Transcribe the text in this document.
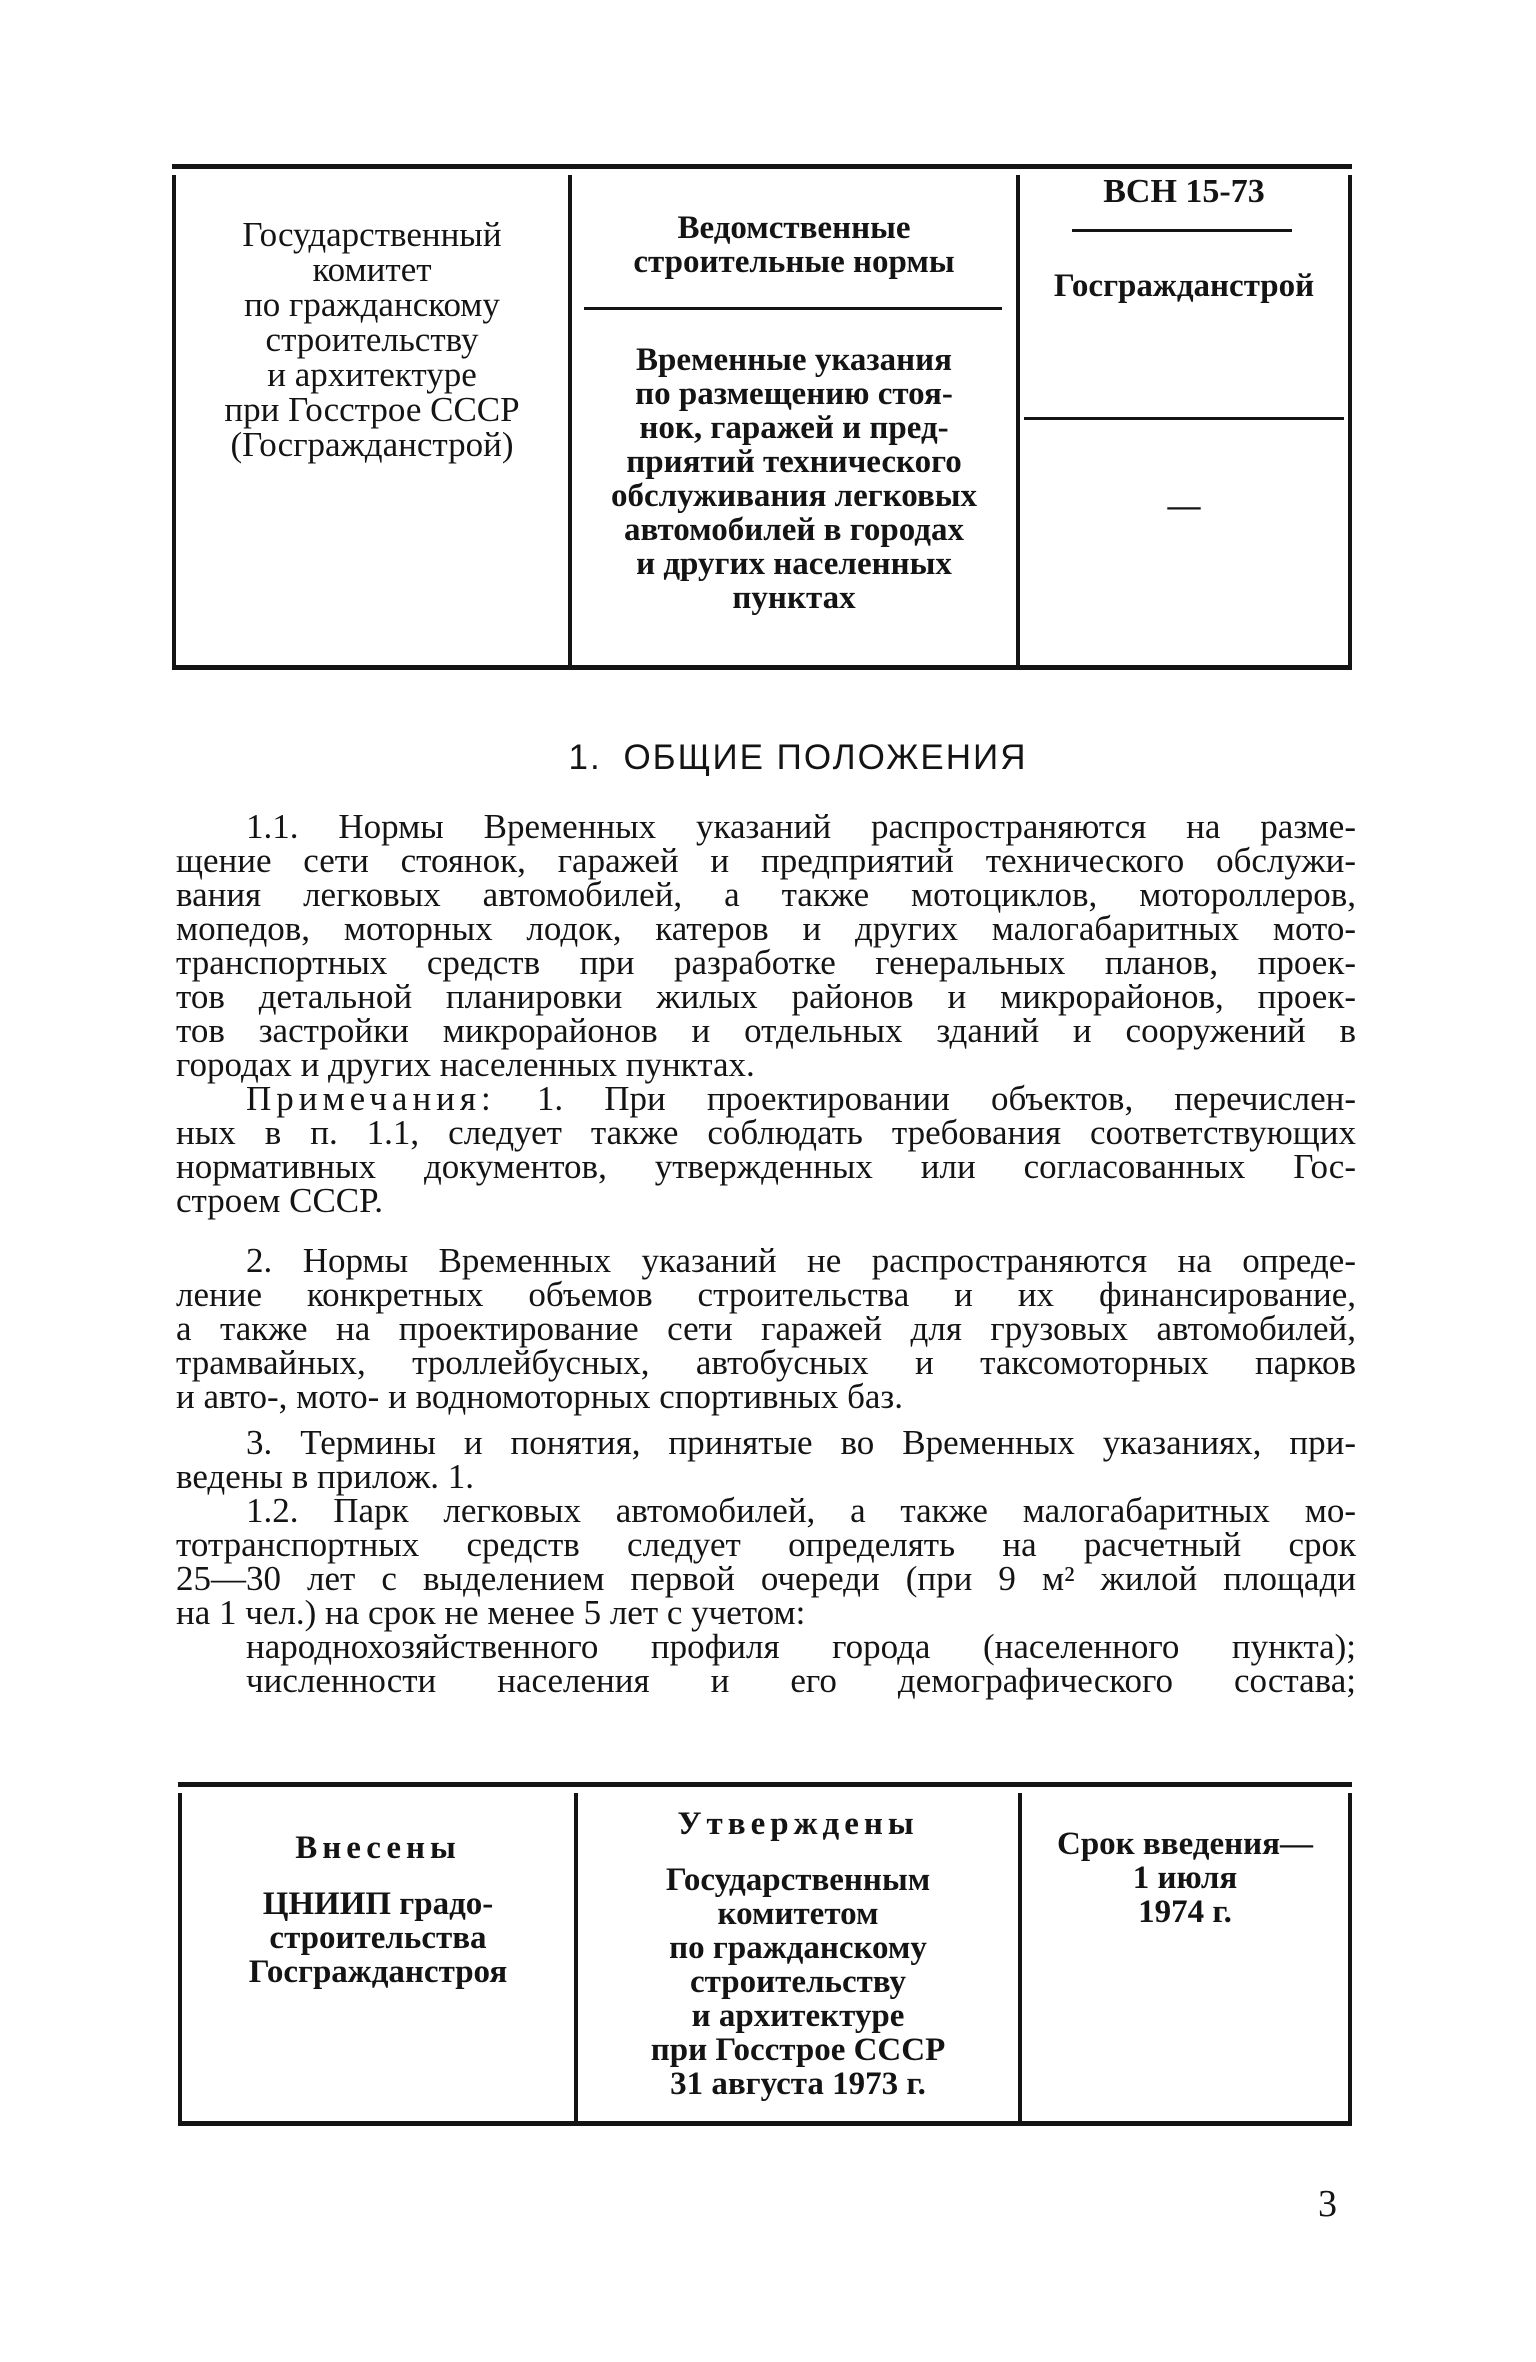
Государственный
комитет
по гражданскому
строительству
и архитектуре
при Госстрое СССР
(Госгражданстрой)
Ведомственные
строительные нормы
Временные указания
по размещению стоя-
нок, гаражей и пред-
приятий технического
обслуживания легковых
автомобилей в городах
и других населенных
пунктах
ВСН 15-73
Госгражданстрой
—
1. ОБЩИЕ ПОЛОЖЕНИЯ
1.1. Нормы Временных указаний распространяются на разме-
щение сети стоянок, гаражей и предприятий технического обслужи-
вания легковых автомобилей, а также мотоциклов, мотороллеров,
мопедов, моторных лодок, катеров и других малогабаритных мото-
транспортных средств при разработке генеральных планов, проек-
тов детальной планировки жилых районов и микрорайонов, проек-
тов застройки микрорайонов и отдельных зданий и сооружений в
городах и других населенных пунктах.
Примечания: 1. При проектировании объектов, перечислен-
ных в п. 1.1, следует также соблюдать требования соответствующих
нормативных документов, утвержденных или согласованных Гос-
строем СССР.
2. Нормы Временных указаний не распространяются на опреде-
ление конкретных объемов строительства и их финансирование,
а также на проектирование сети гаражей для грузовых автомобилей,
трамвайных, троллейбусных, автобусных и таксомоторных парков
и авто-, мото- и водномоторных спортивных баз.
3. Термины и понятия, принятые во Временных указаниях, при-
ведены в прилож. 1.
1.2. Парк легковых автомобилей, а также малогабаритных мо-
тотранспортных средств следует определять на расчетный срок
25—30 лет с выделением первой очереди (при 9 м² жилой площади
на 1 чел.) на срок не менее 5 лет с учетом:
народнохозяйственного профиля города (населенного пункта);
численности населения и его демографического состава;
Внесены
ЦНИИП градо-
строительства
Госгражданстроя
Утверждены
Государственным
комитетом
по гражданскому
строительству
и архитектуре
при Госстрое СССР
31 августа 1973 г.
Срок введения—
1 июля
1974 г.
3
